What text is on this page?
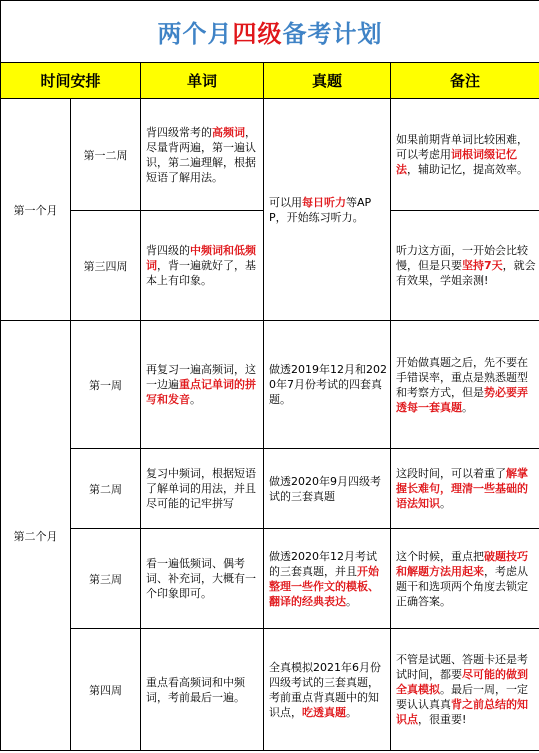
两个月四级备考计划				
时间安排		单词	真题	备注
第一个月	第一二周	背四级常考的高频词，尽量背两遍，第一遍认识，第二遍理解，根据短语了解用法。	可以用每日听力等APP，开始练习听力。	如果前期背单词比较困难，可以考虑用词根词缀记忆法，辅助记忆，提高效率。
	第三四周	背四级的中频词和低频词，背一遍就好了，基本上有印象。		听力这方面，一开始会比较慢，但是只要坚持7天，就会有效果，学姐亲测!
第二个月	第一周	再复习一遍高频词，这一边遍重点记单词的拼写和发音。	做透2019年12月和2020年7月份考试的四套真题。	开始做真题之后，先不要在手错误率，重点是熟悉题型和考察方式，但是势必要弄透每一套真题。
	第二周	复习中频词，根据短语了解单词的用法，并且尽可能的记牢拼写	做透2020年9月四级考试的三套真题	这段时间，可以着重了解掌握长难句，理清一些基础的语法知识。
	第三周	看一遍低频词、偶考词、补充词，大概有一个印象即可。	做透2020年12月考试的三套真题，并且开始整理一些作文的模板、翻译的经典表达。	这个时候，重点把破题技巧和解题方法用起来，考虑从题干和选项两个角度去锁定正确答案。
	第四周	重点看高频词和中频词，考前最后一遍。	全真模拟2021年6月份四级考试的三套真题，考前重点背真题中的知识点，吃透真题。	不管是试题、答题卡还是考试时间，都要尽可能的做到全真模拟。最后一周，一定要认认真真背之前总结的知识点，很重要!
